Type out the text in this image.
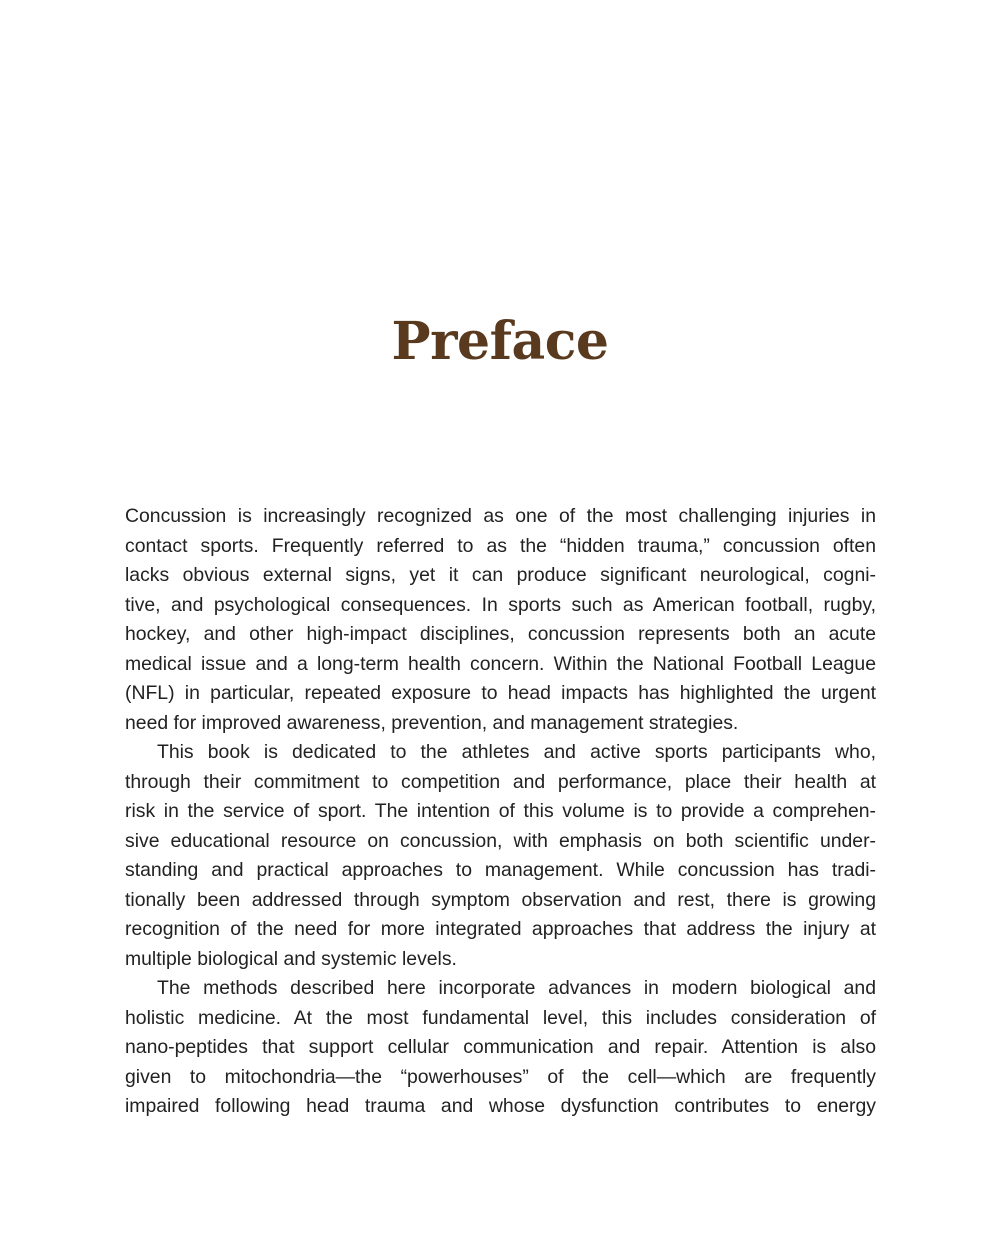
Preface

Concussion is increasingly recognized as one of the most challenging injuries in
contact sports. Frequently referred to as the “hidden trauma,” concussion often
lacks obvious external signs, yet it can produce significant neurological, cogni-
tive, and psychological consequences. In sports such as American football, rugby,
hockey, and other high-impact disciplines, concussion represents both an acute
medical issue and a long-term health concern. Within the National Football League
(NFL) in particular, repeated exposure to head impacts has highlighted the urgent
need for improved awareness, prevention, and management strategies.

This book is dedicated to the athletes and active sports participants who,
through their commitment to competition and performance, place their health at
risk in the service of sport. The intention of this volume is to provide a comprehen-
sive educational resource on concussion, with emphasis on both scientific under-
standing and practical approaches to management. While concussion has tradi-
tionally been addressed through symptom observation and rest, there is growing
recognition of the need for more integrated approaches that address the injury at
multiple biological and systemic levels.

The methods described here incorporate advances in modern biological and
holistic medicine. At the most fundamental level, this includes consideration of
nano-peptides that support cellular communication and repair. Attention is also
given to mitochondria—the “powerhouses” of the cell—which are frequently
impaired following head trauma and whose dysfunction contributes to energy
